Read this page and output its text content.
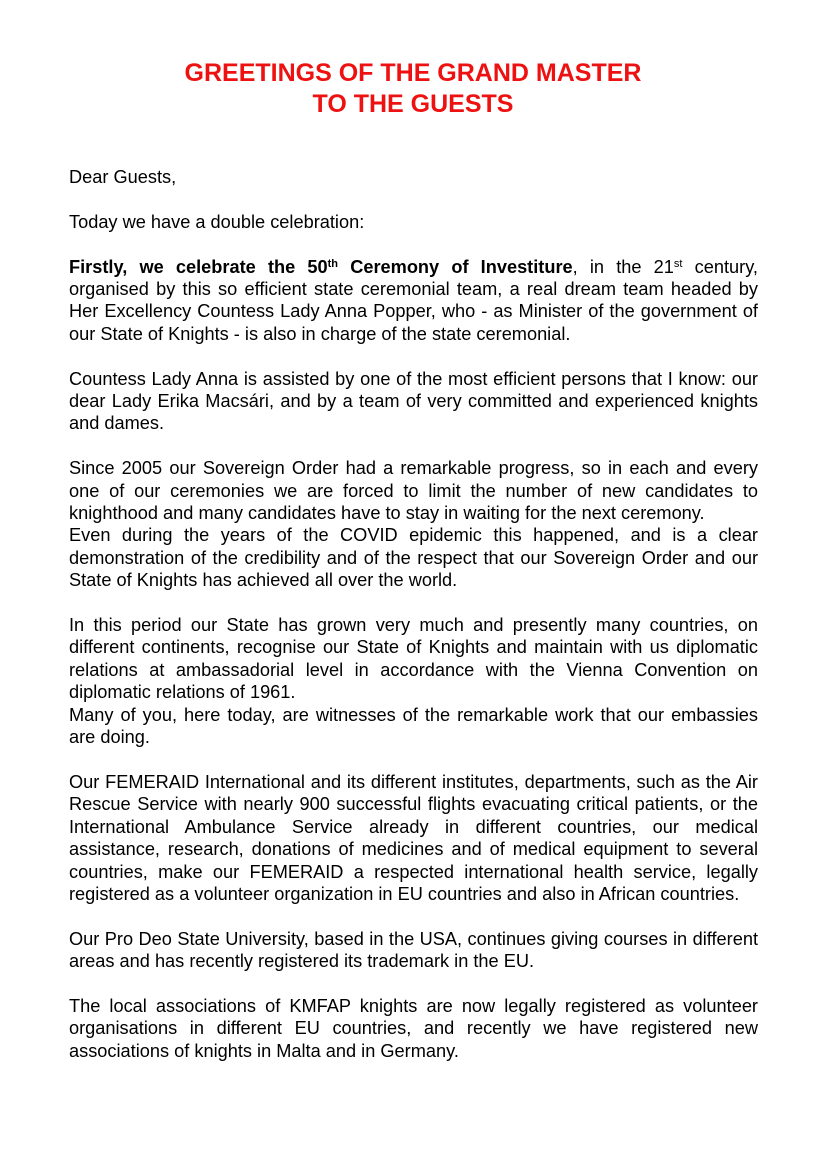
GREETINGS OF THE GRAND MASTER
TO THE GUESTS

Dear Guests,

Today we have a double celebration:

Firstly, we celebrate the 50th Ceremony of Investiture, in the 21st century, organised by this so efficient state ceremonial team, a real dream team headed by Her Excellency Countess Lady Anna Popper, who - as Minister of the government of our State of Knights - is also in charge of the state ceremonial.

Countess Lady Anna is assisted by one of the most efficient persons that I know: our dear Lady Erika Macsári, and by a team of very committed and experienced knights and dames.

Since 2005 our Sovereign Order had a remarkable progress, so in each and every one of our ceremonies we are forced to limit the number of new candidates to knighthood and many candidates have to stay in waiting for the next ceremony.

Even during the years of the COVID epidemic this happened, and is a clear demonstration of the credibility and of the respect that our Sovereign Order and our State of Knights has achieved all over the world.

In this period our State has grown very much and presently many countries, on different continents, recognise our State of Knights and maintain with us diplomatic relations at ambassadorial level in accordance with the Vienna Convention on diplomatic relations of 1961.

Many of you, here today, are witnesses of the remarkable work that our embassies are doing.

Our FEMERAID International and its different institutes, departments, such as the Air Rescue Service with nearly 900 successful flights evacuating critical patients, or the International Ambulance Service already in different countries, our medical assistance, research, donations of medicines and of medical equipment to several countries, make our FEMERAID a respected international health service, legally registered as a volunteer organization in EU countries and also in African countries.

Our Pro Deo State University, based in the USA, continues giving courses in different areas and has recently registered its trademark in the EU.

The local associations of KMFAP knights are now legally registered as volunteer organisations in different EU countries, and recently we have registered new associations of knights in Malta and in Germany.
